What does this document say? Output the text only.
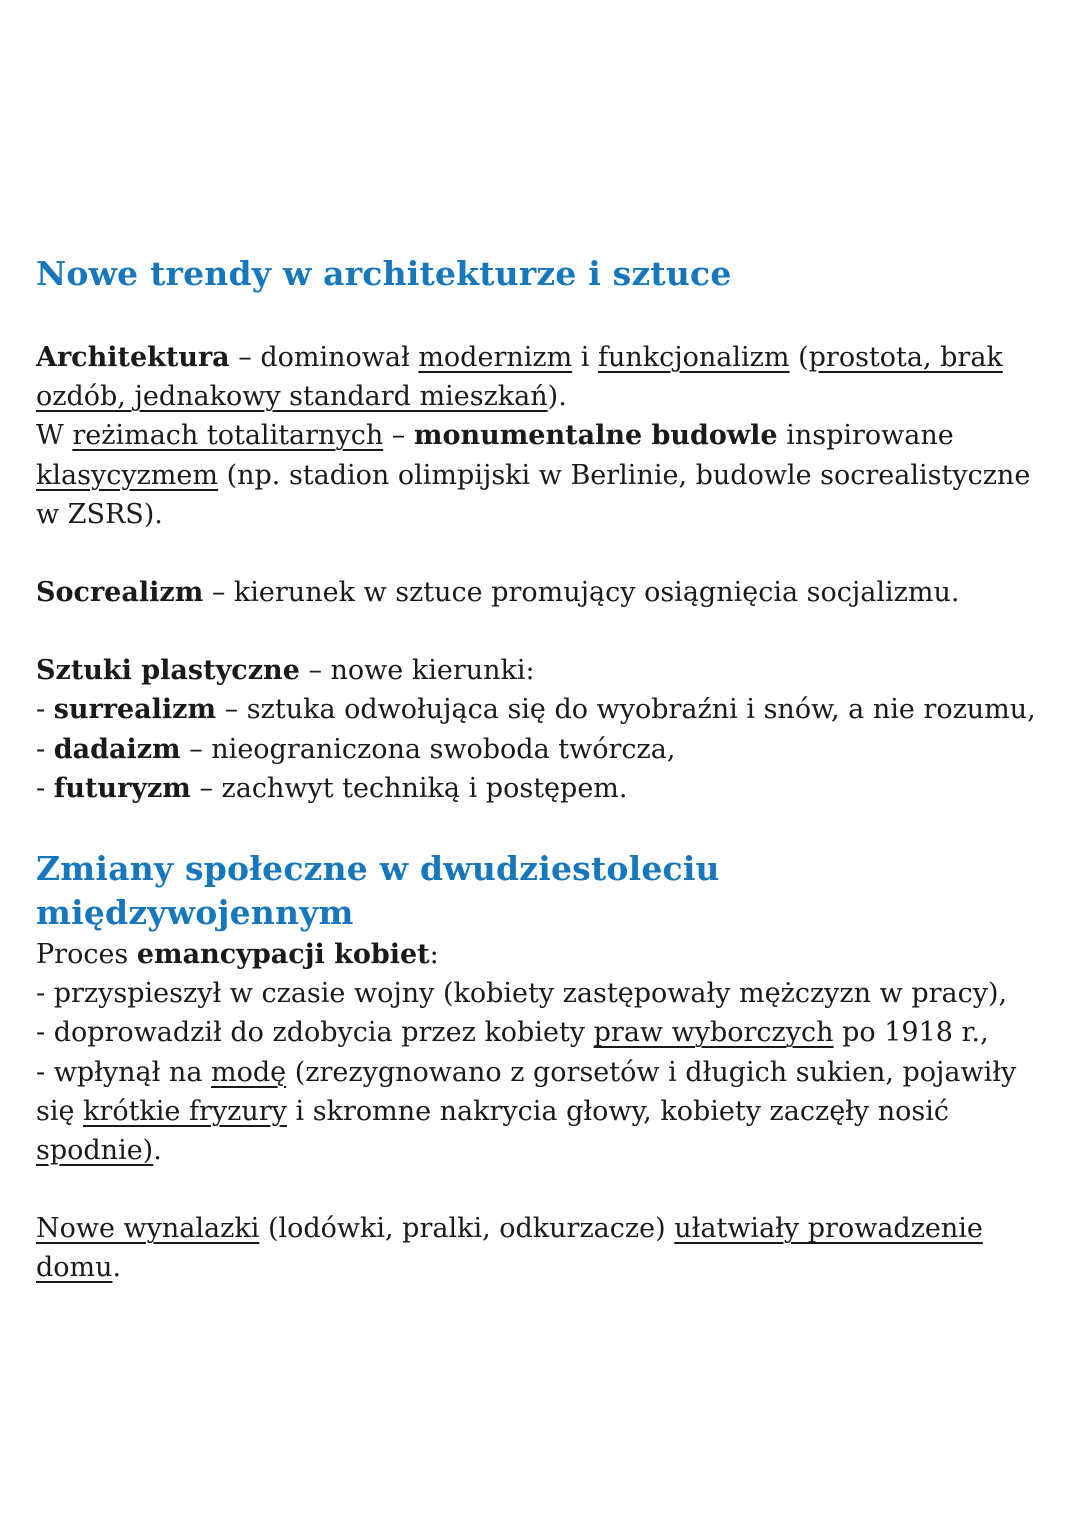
Nowe trendy w architekturze i sztuce

Architektura – dominował modernizm i funkcjonalizm (prostota, brak ozdób, jednakowy standard mieszkań).

W reżimach totalitarnych – monumentalne budowle inspirowane klasycyzmem (np. stadion olimpijski w Berlinie, budowle socrealistyczne w ZSRS).

Socrealizm – kierunek w sztuce promujący osiągnięcia socjalizmu.

Sztuki plastyczne – nowe kierunki:

- surrealizm – sztuka odwołująca się do wyobraźni i snów, a nie rozumu,

- dadaizm – nieograniczona swoboda twórcza,

- futuryzm – zachwyt techniką i postępem.

Zmiany społeczne w dwudziestoleciu międzywojennym

Proces emancypacji kobiet:

- przyspieszył w czasie wojny (kobiety zastępowały mężczyzn w pracy),

- doprowadził do zdobycia przez kobiety praw wyborczych po 1918 r.,

- wpłynął na modę (zrezygnowano z gorsetów i długich sukien, pojawiły się krótkie fryzury i skromne nakrycia głowy, kobiety zaczęły nosić spodnie).

Nowe wynalazki (lodówki, pralki, odkurzacze) ułatwiały prowadzenie domu.
